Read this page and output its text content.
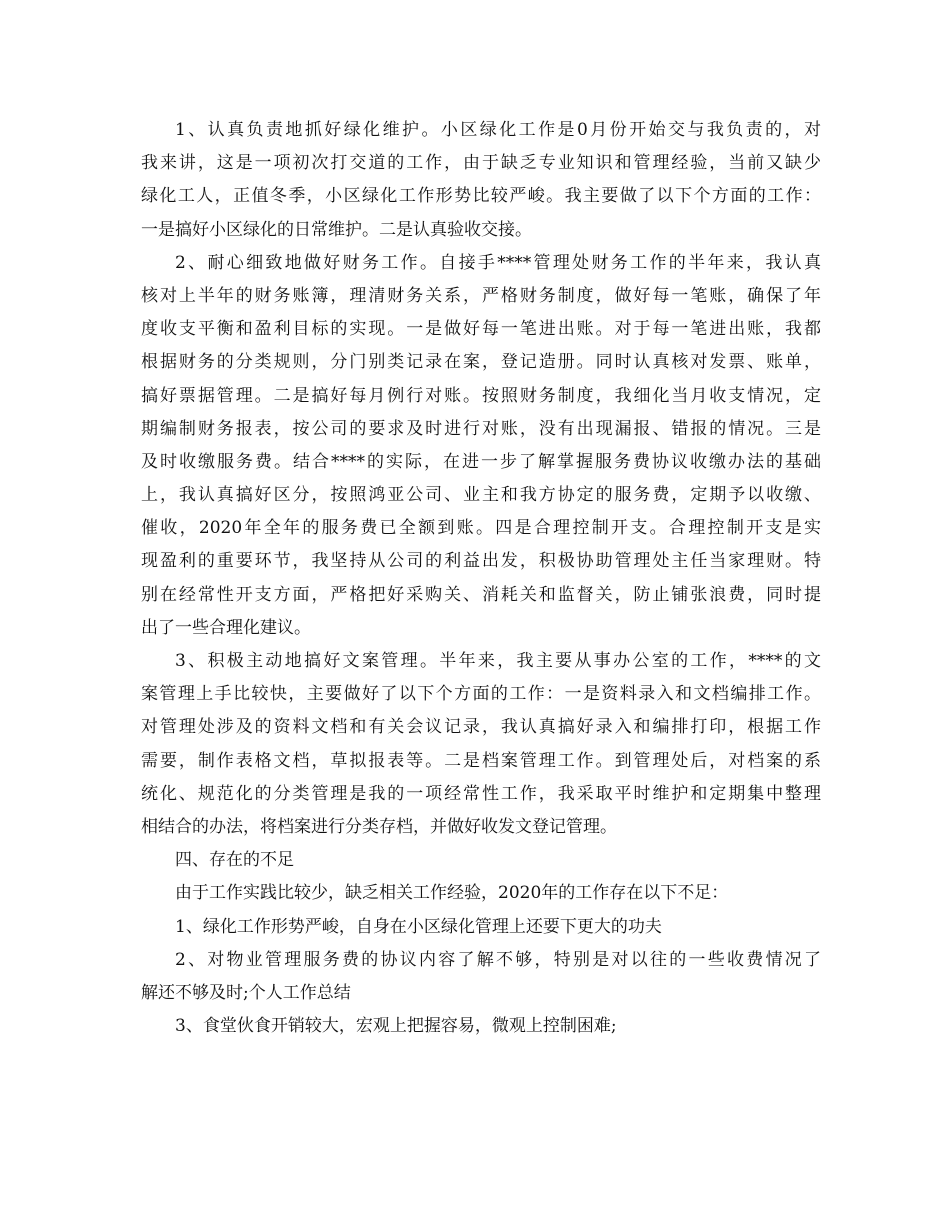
1、认真负责地抓好绿化维护。小区绿化工作是0月份开始交与我负责的，对
我来讲，这是一项初次打交道的工作，由于缺乏专业知识和管理经验，当前又缺少
绿化工人，正值冬季，小区绿化工作形势比较严峻。我主要做了以下个方面的工作：
一是搞好小区绿化的日常维护。二是认真验收交接。
2、耐心细致地做好财务工作。自接手****管理处财务工作的半年来，我认真
核对上半年的财务账簿，理清财务关系，严格财务制度，做好每一笔账，确保了年
度收支平衡和盈利目标的实现。一是做好每一笔进出账。对于每一笔进出账，我都
根据财务的分类规则，分门别类记录在案，登记造册。同时认真核对发票、账单，
搞好票据管理。二是搞好每月例行对账。按照财务制度，我细化当月收支情况，定
期编制财务报表，按公司的要求及时进行对账，没有出现漏报、错报的情况。三是
及时收缴服务费。结合****的实际，在进一步了解掌握服务费协议收缴办法的基础
上，我认真搞好区分，按照鸿亚公司、业主和我方协定的服务费，定期予以收缴、
催收，2020年全年的服务费已全额到账。四是合理控制开支。合理控制开支是实
现盈利的重要环节，我坚持从公司的利益出发，积极协助管理处主任当家理财。特
别在经常性开支方面，严格把好采购关、消耗关和监督关，防止铺张浪费，同时提
出了一些合理化建议。
3、积极主动地搞好文案管理。半年来，我主要从事办公室的工作，****的文
案管理上手比较快，主要做好了以下个方面的工作：一是资料录入和文档编排工作。
对管理处涉及的资料文档和有关会议记录，我认真搞好录入和编排打印，根据工作
需要，制作表格文档，草拟报表等。二是档案管理工作。到管理处后，对档案的系
统化、规范化的分类管理是我的一项经常性工作，我采取平时维护和定期集中整理
相结合的办法，将档案进行分类存档，并做好收发文登记管理。
四、存在的不足
由于工作实践比较少，缺乏相关工作经验，2020年的工作存在以下不足：
1、绿化工作形势严峻，自身在小区绿化管理上还要下更大的功夫
2、对物业管理服务费的协议内容了解不够，特别是对以往的一些收费情况了
解还不够及时;个人工作总结
3、食堂伙食开销较大，宏观上把握容易，微观上控制困难;
